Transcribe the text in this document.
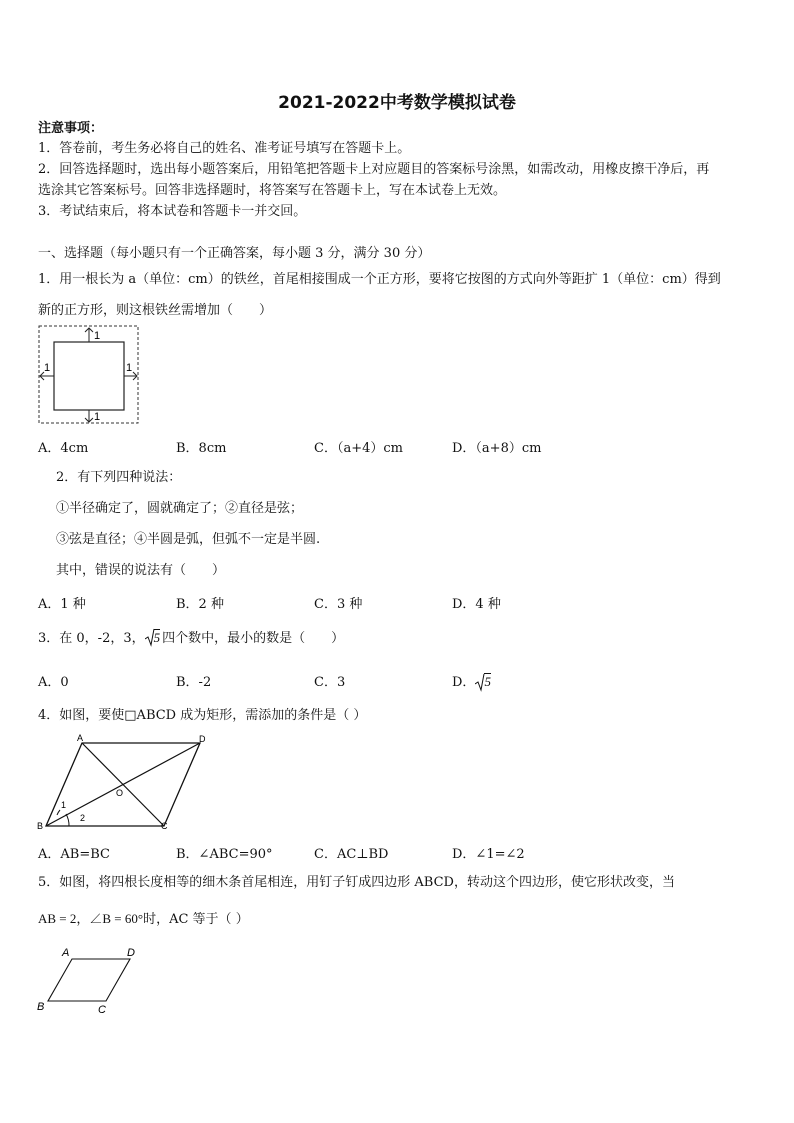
2021-2022中考数学模拟试卷
注意事项：
1．答卷前，考生务必将自己的姓名、准考证号填写在答题卡上。
2．回答选择题时，选出每小题答案后，用铅笔把答题卡上对应题目的答案标号涂黑，如需改动，用橡皮擦干净后，再
选涂其它答案标号。回答非选择题时，将答案写在答题卡上，写在本试卷上无效。
3．考试结束后，将本试卷和答题卡一并交回。
一、选择题（每小题只有一个正确答案，每小题 3 分，满分 30 分）
1．用一根长为 a（单位：cm）的铁丝，首尾相接围成一个正方形，要将它按图的方式向外等距扩 1（单位：cm）得到
新的正方形，则这根铁丝需增加（　　）
1
1
1	1
A．4cm	B．8cm	C．（a+4）cm	D．（a+8）cm
2．有下列四种说法：
①半径确定了，圆就确定了；②直径是弦；
③弦是直径；④半圆是弧，但弧不一定是半圆.
其中，错误的说法有（　　）
A．1 种	B．2 种	C．3 种	D．4 种
3．在 0，-2，3， 5 四个数中，最小的数是（　　）
A．0	B．-2	C．3	D． 5
4．如图，要使□ABCD 成为矩形，需添加的条件是（ ）
A	D
B	C
O
1
2
A．AB=BC	B．∠ABC=90°	C．AC⊥BD	D．∠1=∠2
5．如图，将四根长度相等的细木条首尾相连，用钉子钉成四边形 ABCD，转动这个四边形，使它形状改变，当
AB = 2，∠B = 60°时，AC 等于（ ）
A	D
B	C
